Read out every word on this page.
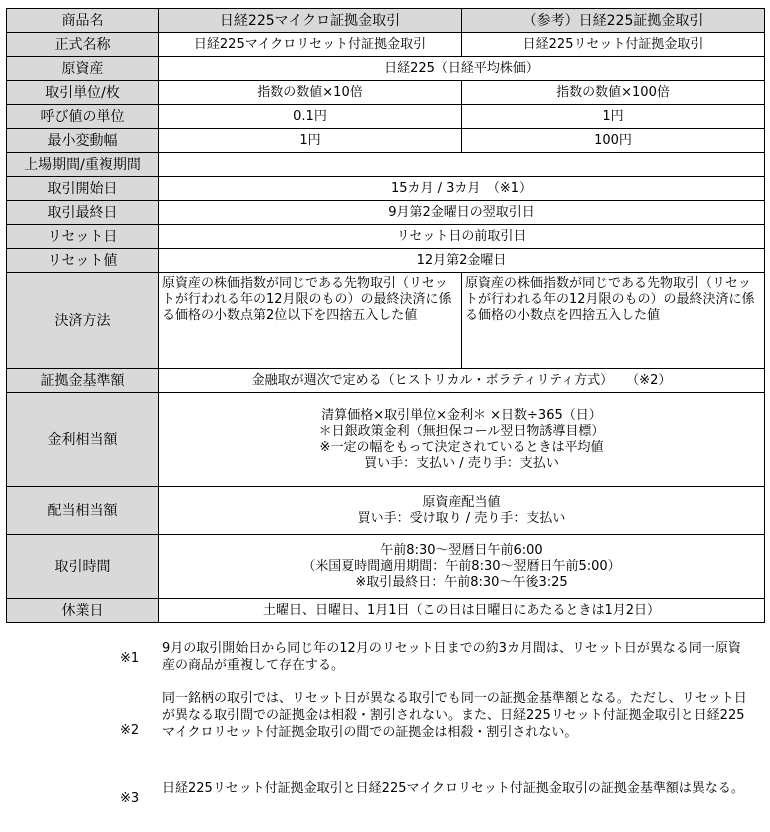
商品名	日経225マイクロ証拠金取引	（参考）日経225証拠金取引
正式名称	日経225マイクロリセット付証拠金取引	日経225リセット付証拠金取引
原資産	日経225（日経平均株価）	
取引単位/枚	指数の数値×10倍	指数の数値×100倍
呼び値の単位	0.1円	1円
最小変動幅	1円	100円
上場期間/重複期間		
取引開始日	15カ月 / 3カ月　（※1）	
取引最終日	9月第2金曜日の翌取引日	
リセット日	リセット日の前取引日	
リセット値	12月第2金曜日	
決済方法	原資産の株価指数が同じである先物取引（リセットが行われる年の12月限のもの）の最終決済に係る価格の小数点第2位以下を四捨五入した値	原資産の株価指数が同じである先物取引（リセットが行われる年の12月限のもの）の最終決済に係る価格の小数点を四捨五入した値
証拠金基準額	金融取が週次で定める（ヒストリカル・ボラティリティ方式）　　（※2）	
金利相当額	清算価格×取引単位×金利＊ ×日数÷365（日）
＊日銀政策金利（無担保コール翌日物誘導目標）
※一定の幅をもって決定されているときは平均値
買い手：支払い / 売り手：支払い	
配当相当額	原資産配当値
買い手：受け取り / 売り手：支払い	
取引時間	午前8:30～翌暦日午前6:00
（米国夏時間適用期間：午前8:30～翌暦日午前5:00）
※取引最終日：午前8:30～午後3:25	
休業日	土曜日、日曜日、1月1日（この日は日曜日にあたるときは1月2日）	
※1
9月の取引開始日から同じ年の12月のリセット日までの約3カ月間は、リセット日が異なる同一原資産の商品が重複して存在する。
※2
同一銘柄の取引では、リセット日が異なる取引でも同一の証拠金基準額となる。ただし、リセット日が異なる取引間での証拠金は相殺・割引されない。また、日経225リセット付証拠金取引と日経225マイクロリセット付証拠金取引の間での証拠金は相殺・割引されない。
※3
日経225リセット付証拠金取引と日経225マイクロリセット付証拠金取引の証拠金基準額は異なる。
